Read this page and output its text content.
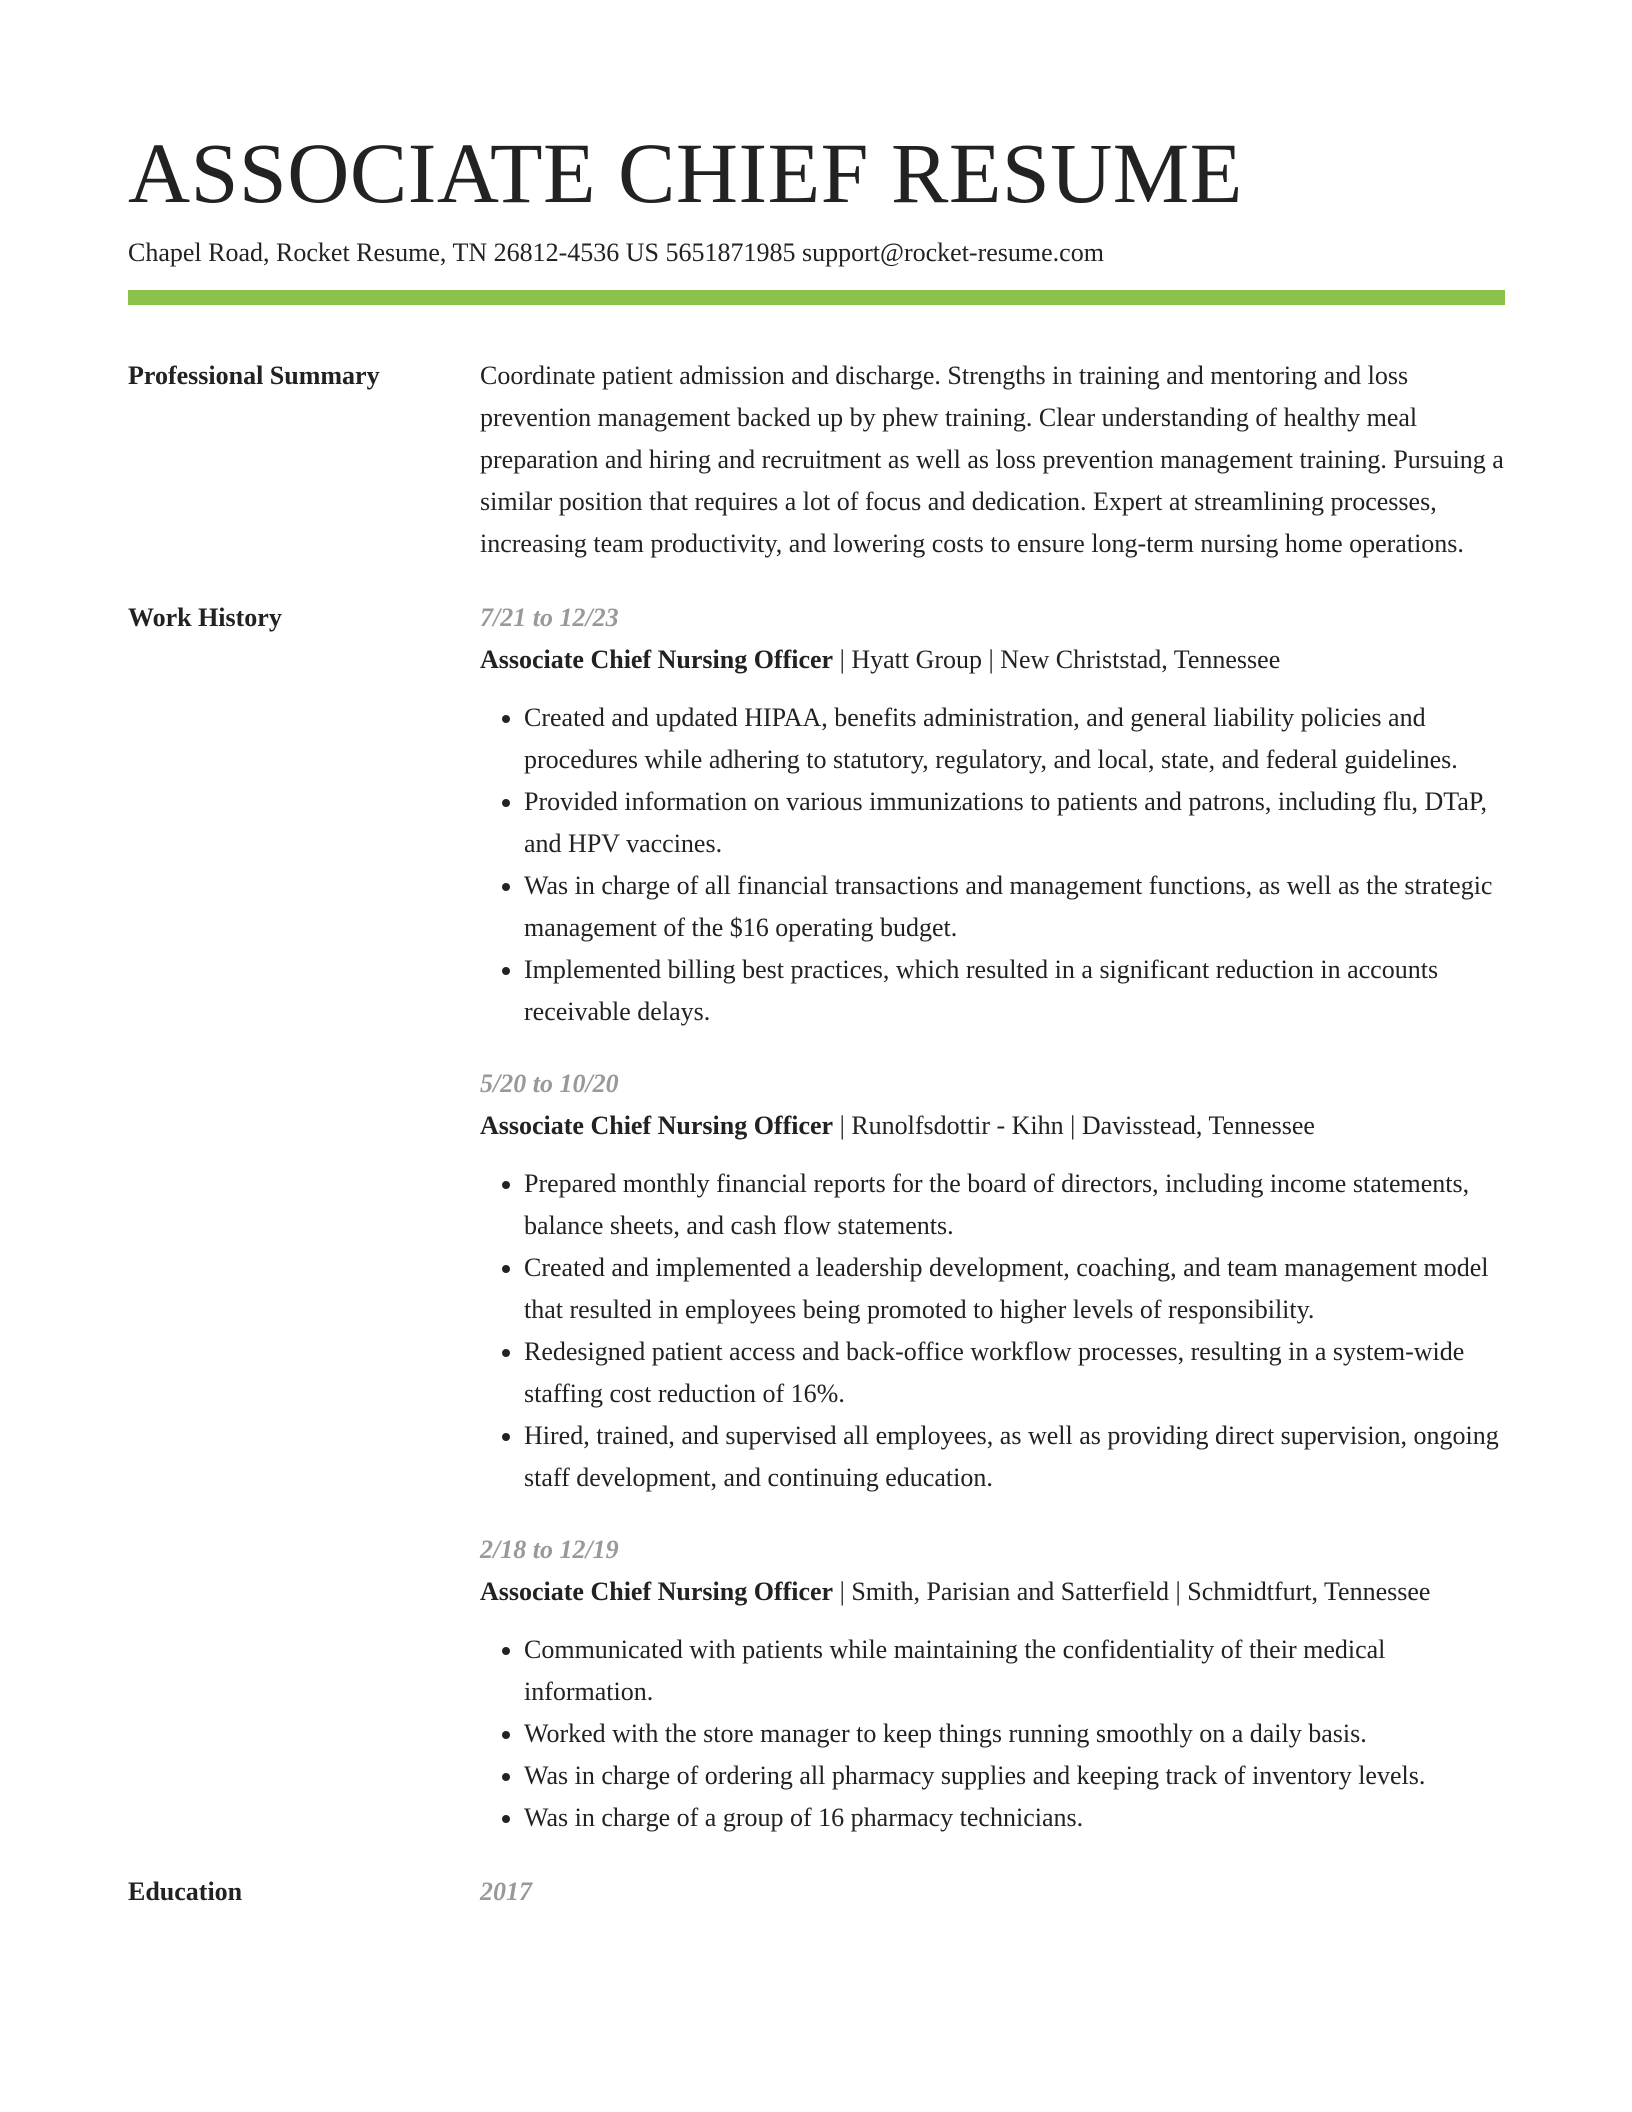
ASSOCIATE CHIEF RESUME
Chapel Road, Rocket Resume, TN 26812-4536 US 5651871985 support@rocket-resume.com
Professional Summary	Coordinate patient admission and discharge. Strengths in training and mentoring and loss prevention management backed up by phew training. Clear understanding of healthy meal preparation and hiring and recruitment as well as loss prevention management training. Pursuing a similar position that requires a lot of focus and dedication. Expert at streamlining processes, increasing team productivity, and lowering costs to ensure long-term nursing home operations.
Work History	7/21 to 12/23
Associate Chief Nursing Officer | Hyatt Group | New Christstad, Tennessee
• Created and updated HIPAA, benefits administration, and general liability policies and procedures while adhering to statutory, regulatory, and local, state, and federal guidelines.
• Provided information on various immunizations to patients and patrons, including flu, DTaP, and HPV vaccines.
• Was in charge of all financial transactions and management functions, as well as the strategic management of the $16 operating budget.
• Implemented billing best practices, which resulted in a significant reduction in accounts receivable delays.
5/20 to 10/20
Associate Chief Nursing Officer | Runolfsdottir - Kihn | Davisstead, Tennessee
• Prepared monthly financial reports for the board of directors, including income statements, balance sheets, and cash flow statements.
• Created and implemented a leadership development, coaching, and team management model that resulted in employees being promoted to higher levels of responsibility.
• Redesigned patient access and back-office workflow processes, resulting in a system-wide staffing cost reduction of 16%.
• Hired, trained, and supervised all employees, as well as providing direct supervision, ongoing staff development, and continuing education.
2/18 to 12/19
Associate Chief Nursing Officer | Smith, Parisian and Satterfield | Schmidtfurt, Tennessee
• Communicated with patients while maintaining the confidentiality of their medical information.
• Worked with the store manager to keep things running smoothly on a daily basis.
• Was in charge of ordering all pharmacy supplies and keeping track of inventory levels.
• Was in charge of a group of 16 pharmacy technicians.
Education	2017
